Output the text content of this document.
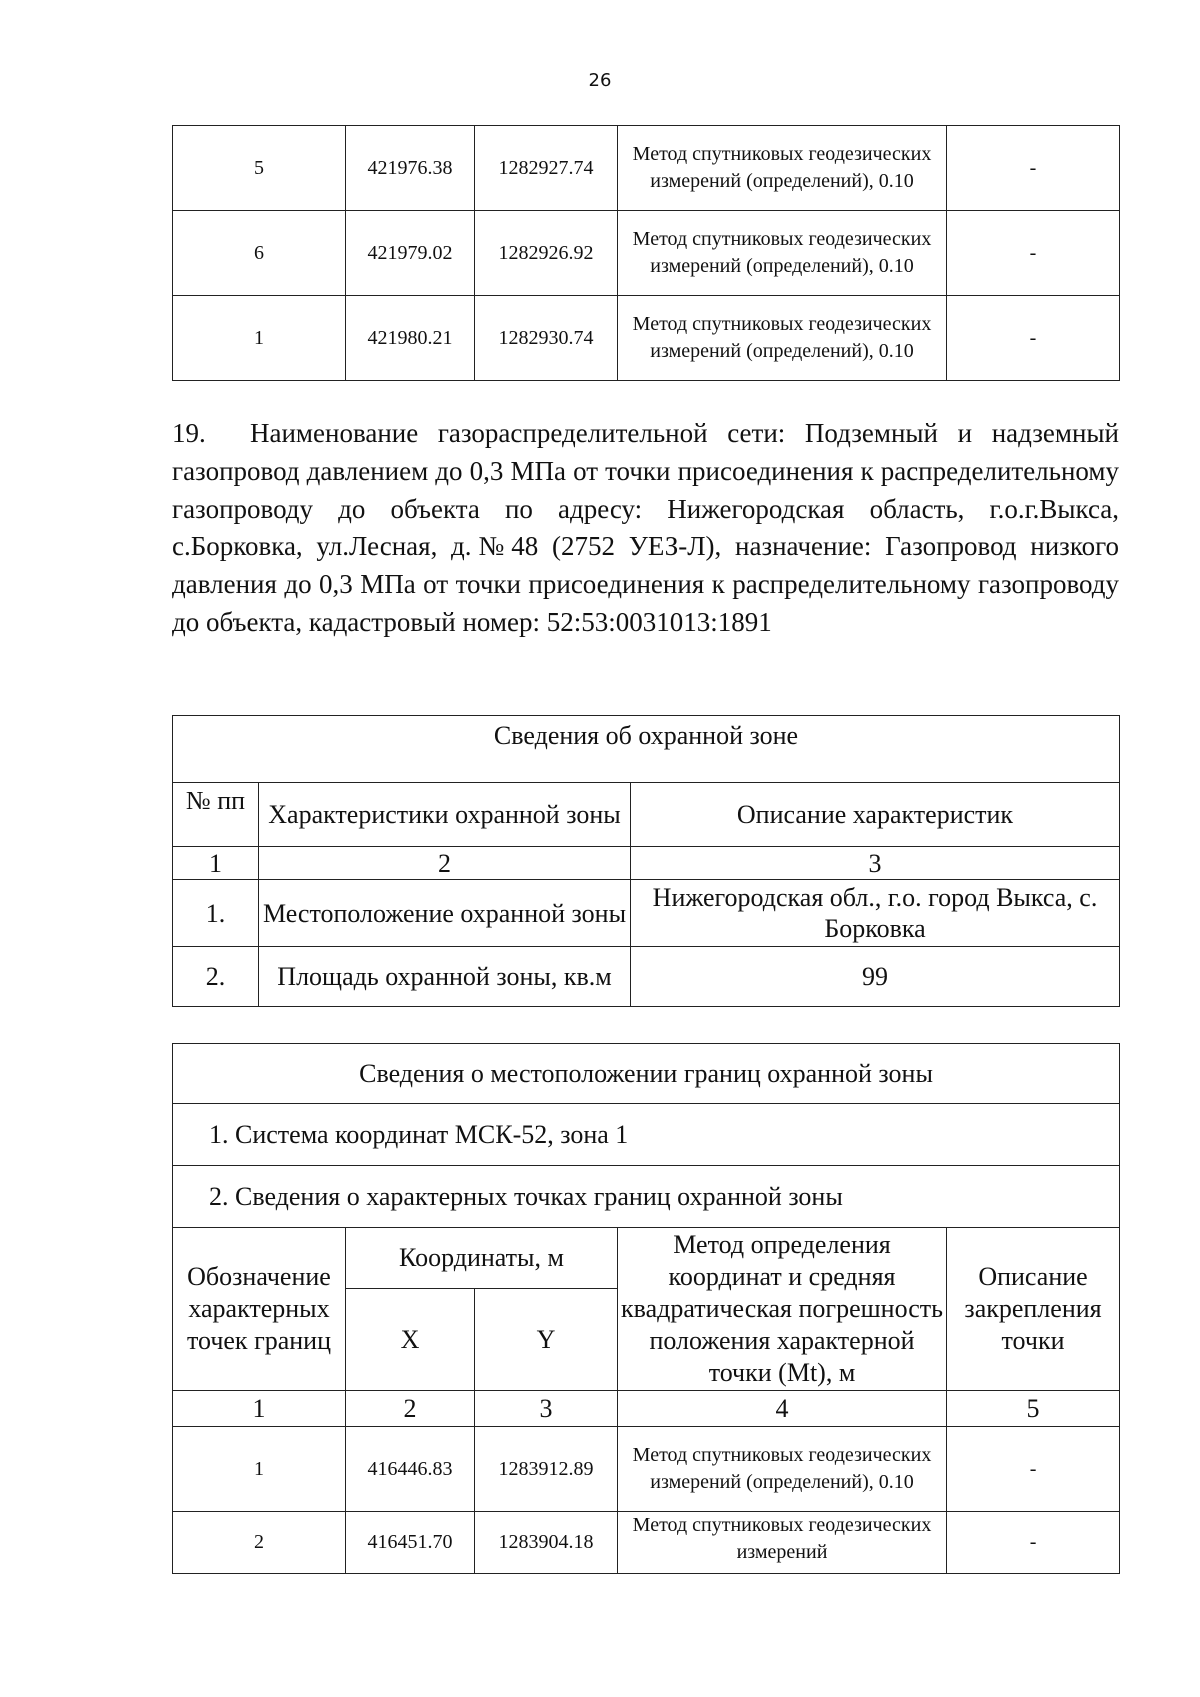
26
5	421976.38	1282927.74	Метод спутниковых геодезических измерений (определений), 0.10	-
6	421979.02	1282926.92	Метод спутниковых геодезических измерений (определений), 0.10	-
1	421980.21	1282930.74	Метод спутниковых геодезических измерений (определений), 0.10	-
19. Наименование газораспределительной сети: Подземный и надземный газопровод давлением до 0,3 МПа от точки присоединения к распределительному газопроводу до объекта по адресу: Нижегородская область, г.о.г.Выкса, с.Борковка, ул.Лесная, д.№48 (2752 УЕЗ-Л), назначение: Газопровод низкого давления до 0,3 МПа от точки присоединения к распределительному газопроводу до объекта, кадастровый номер: 52:53:0031013:1891
Сведения об охранной зоне		
№ пп	Характеристики охранной зоны	Описание характеристик
1	2	3
1.	Местоположение охранной зоны	Нижегородская обл., г.о. город Выкса, с. Борковка
2.	Площадь охранной зоны, кв.м	99
Сведения о местоположении границ охранной зоны				
1. Система координат МСК-52, зона 1				
2. Сведения о характерных точках границ охранной зоны				
Обозначение характерных точек границ	Координаты, м		Метод определения координат и средняя квадратическая погрешность положения характерной точки (Mt), м	Описание закрепления точки
	X	Y		
1	2	3	4	5
1	416446.83	1283912.89	Метод спутниковых геодезических измерений (определений), 0.10	-
2	416451.70	1283904.18	Метод спутниковых геодезических измерений	-
